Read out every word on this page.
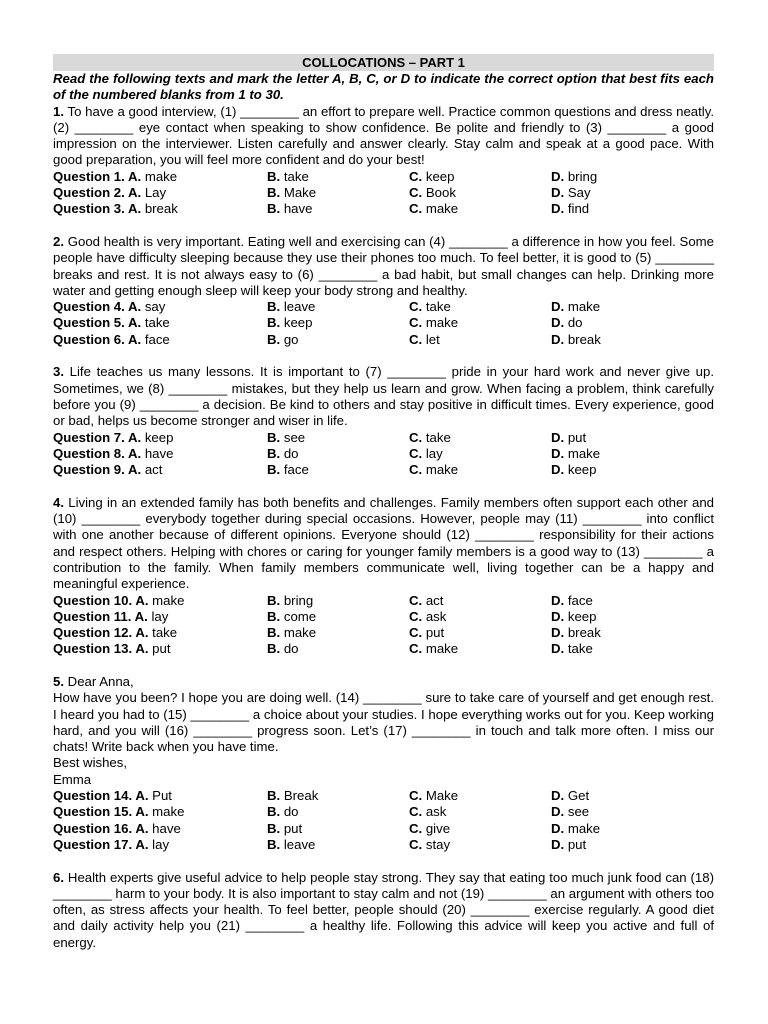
COLLOCATIONS – PART 1
Read the following texts and mark the letter A, B, C, or D to indicate the correct option that best fits each of the numbered blanks from 1 to 30.
1. To have a good interview, (1) ________ an effort to prepare well. Practice common questions and dress neatly. (2) ________ eye contact when speaking to show confidence. Be polite and friendly to (3) ________ a good impression on the interviewer. Listen carefully and answer clearly. Stay calm and speak at a good pace. With good preparation, you will feel more confident and do your best!
Question 1. A. make	B. take	C. keep	D. bring
Question 2. A. Lay	B. Make	C. Book	D. Say
Question 3. A. break	B. have	C. make	D. find
2. Good health is very important. Eating well and exercising can (4) ________ a difference in how you feel. Some people have difficulty sleeping because they use their phones too much. To feel better, it is good to (5) ________ breaks and rest. It is not always easy to (6) ________ a bad habit, but small changes can help. Drinking more water and getting enough sleep will keep your body strong and healthy.
Question 4. A. say	B. leave	C. take	D. make
Question 5. A. take	B. keep	C. make	D. do
Question 6. A. face	B. go	C. let	D. break
3. Life teaches us many lessons. It is important to (7) ________ pride in your hard work and never give up. Sometimes, we (8) ________ mistakes, but they help us learn and grow. When facing a problem, think carefully before you (9) ________ a decision. Be kind to others and stay positive in difficult times. Every experience, good or bad, helps us become stronger and wiser in life.
Question 7. A. keep	B. see	C. take	D. put
Question 8. A. have	B. do	C. lay	D. make
Question 9. A. act	B. face	C. make	D. keep
4. Living in an extended family has both benefits and challenges. Family members often support each other and (10) ________ everybody together during special occasions. However, people may (11) ________ into conflict with one another because of different opinions. Everyone should (12) ________ responsibility for their actions and respect others. Helping with chores or caring for younger family members is a good way to (13) ________ a contribution to the family. When family members communicate well, living together can be a happy and meaningful experience.
Question 10. A. make	B. bring	C. act	D. face
Question 11. A. lay	B. come	C. ask	D. keep
Question 12. A. take	B. make	C. put	D. break
Question 13. A. put	B. do	C. make	D. take
5. Dear Anna,
How have you been? I hope you are doing well. (14) ________ sure to take care of yourself and get enough rest. I heard you had to (15) ________ a choice about your studies. I hope everything works out for you. Keep working hard, and you will (16) ________ progress soon. Let’s (17) ________ in touch and talk more often. I miss our chats! Write back when you have time.
Best wishes,
Emma
Question 14. A. Put	B. Break	C. Make	D. Get
Question 15. A. make	B. do	C. ask	D. see
Question 16. A. have	B. put	C. give	D. make
Question 17. A. lay	B. leave	C. stay	D. put
6. Health experts give useful advice to help people stay strong. They say that eating too much junk food can (18) ________ harm to your body. It is also important to stay calm and not (19) ________ an argument with others too often, as stress affects your health. To feel better, people should (20) ________ exercise regularly. A good diet and daily activity help you (21) ________ a healthy life. Following this advice will keep you active and full of energy.
